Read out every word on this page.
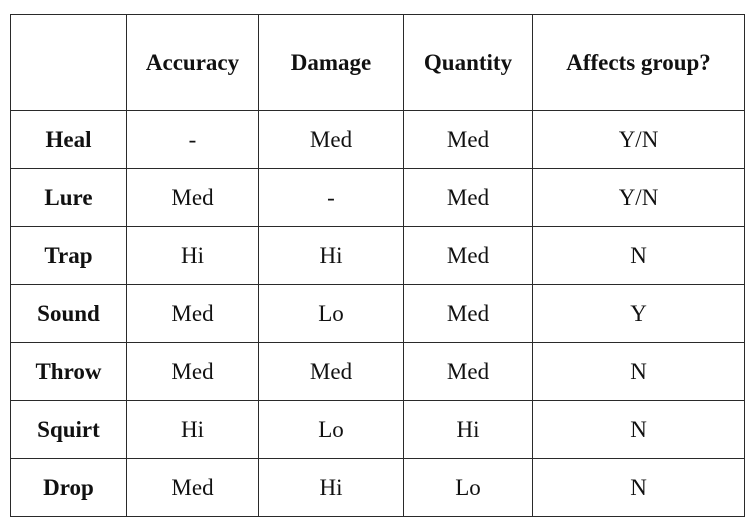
	Accuracy	Damage	Quantity	Affects group?
Heal	-	Med	Med	Y/N
Lure	Med	-	Med	Y/N
Trap	Hi	Hi	Med	N
Sound	Med	Lo	Med	Y
Throw	Med	Med	Med	N
Squirt	Hi	Lo	Hi	N
Drop	Med	Hi	Lo	N
